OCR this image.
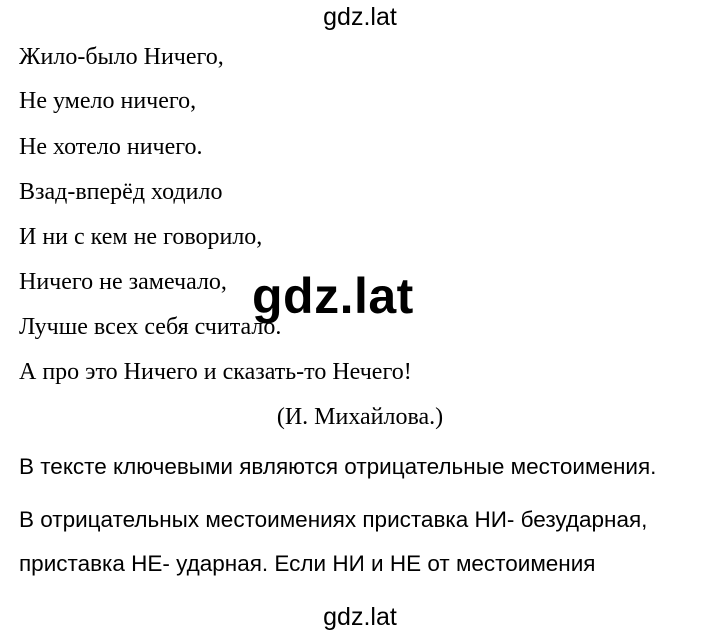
gdz.lat
Жило-было Ничего,
Не умело ничего,
Не хотело ничего.
Взад-вперёд ходило
И ни с кем не говорило,
Ничего не замечало,
Лучше всех себя считало.
А про это Ничего и сказать-то Нечего!
(И. Михайлова.)
В тексте ключевыми являются отрицательные местоимения.
В отрицательных местоимениях приставка НИ- безударная,
приставка НЕ- ударная. Если НИ и НЕ от местоимения
gdz.lat
gdz.lat
